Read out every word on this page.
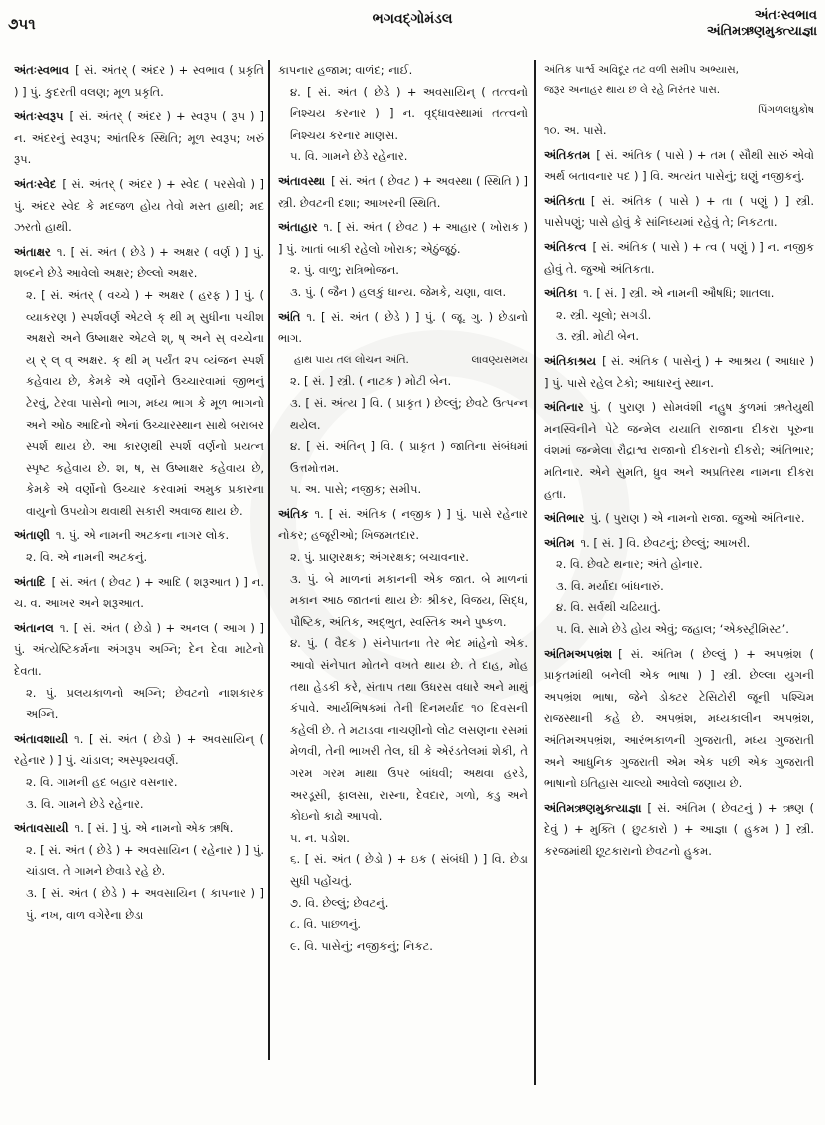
૭૫૧	ભગવદ્ગોમંડલ	અંતઃસ્વભાવ
અંતિમઋણમુક્ત્યાજ્ઞા
અંતઃસ્વભાવ [ સં. અંતર્ ( અંદર ) + સ્વભાવ ( પ્રકૃતિ ) ] પું. કુદરતી વલણ; મૂળ પ્રકૃતિ.
અંતઃસ્વરૂપ [ સં. અંતર્ ( અંદર ) + સ્વરૂપ ( રૂપ ) ] ન. અંદરનું સ્વરૂપ; આંતરિક સ્થિતિ; મૂળ સ્વરૂપ; ખરું રૂપ.
અંતઃસ્વેદ [ સં. અંતર્ ( અંદર ) + સ્વેદ ( પરસેવો ) ] પું. અંદર સ્વેદ કે મદજળ હોય તેવો મસ્ત હાથી; મદ ઝરતો હાથી.
અંતાક્ષર ૧. [ સં. અંત ( છેડે ) + અક્ષર ( વર્ણ ) ] પું. શબ્દને છેડે આવેલો અક્ષર; છેલ્લો અક્ષર.

૨. [ સં. અંતર્ ( વચ્ચે ) + અક્ષર ( હરફ ) ] પું. ( વ્યાકરણ ) સ્પર્શવર્ણ એટલે ક્ થી મ્ સુધીના પચીશ અક્ષરો અને ઉષ્માક્ષર એટલે શ્, ષ્ અને સ્ વચ્ચેના ય્ ર્ લ્ વ્ અક્ષર. ક્ થી મ્ પર્યંત ૨૫ વ્યંજન સ્પર્શ કહેવાય છે, કેમકે એ વર્ણોને ઉચ્ચારવામાં જીભનું ટેરવું, ટેરવા પાસેનો ભાગ, મધ્ય ભાગ કે મૂળ ભાગનો અને ઓઠ આદિનો એનાં ઉચ્ચારસ્થાન સાથે બરાબર સ્પર્શ થાય છે. આ કારણથી સ્પર્શ વર્ણનો પ્રયત્ન સ્પૃષ્ટ કહેવાય છે. શ, ષ, સ ઉષ્માક્ષર કહેવાય છે, કેમકે એ વર્ણોનો ઉચ્ચાર કરવામાં અમુક પ્રકારના વાયુનો ઉપયોગ થવાથી સકારી અવાજ થાય છે.

અંતાણી ૧. પું. એ નામની અટકના નાગર લોક.

૨. વિ. એ નામની અટકનું.

અંતાદિ [ સં. અંત ( છેવટ ) + આદિ ( શરૂઆત ) ] ન. ચ. વ. આખર અને શરૂઆત.
અંતાનલ ૧. [ સં. અંત ( છેડો ) + અનલ ( આગ ) ] પું. અંત્યેષ્ટિકર્મના અંગરૂપ અગ્નિ; દેન દેવા માટેનો દેવતા.

૨. પું. પ્રલયકાળનો અગ્નિ; છેવટનો નાશકારક અગ્નિ.

અંતાવશાયી ૧. [ સં. અંત ( છેડો ) + અવસાયિન્ ( રહેનાર ) ] પું. ચાંડાલ; અસ્પૃશ્યવર્ણ.

૨. વિ. ગામની હદ બહાર વસનાર.

૩. વિ. ગામને છેડે રહેનાર.

અંતાવસાયી ૧. [ સં. ] પું. એ નામનો એક ઋષિ.

૨. [ સં. અંત ( છેડે ) + અવસાયિન ( રહેનાર ) ] પું. ચાંડાલ. તે ગામને છેવાડે રહે છે.

૩. [ સં. અંત ( છેડે ) + અવસાયિન ( કાપનાર ) ] પું. નખ, વાળ વગેરેના છેડા

કાપનાર હજામ; વાળંદ; નાઈ.

૪. [ સં. અંત ( છેડે ) + અવસાયિન્ ( તત્ત્વનો નિશ્ચય કરનાર ) ] ન. વૃદ્ધાવસ્થામાં તત્ત્વનો નિશ્ચય કરનાર માણસ.

૫. વિ. ગામને છેડે રહેનાર.

અંતાવસ્થા [ સં. અંત ( છેવટ ) + અવસ્થા ( સ્થિતિ ) ] સ્ત્રી. છેવટની દશા; આખરની સ્થિતિ.
અંતાહાર ૧. [ સં. અંત ( છેવટ ) + આહાર ( ખોરાક ) ] પું. ખાતાં બાકી રહેલો ખોરાક; એઠુંજૂઠું.

૨. પું. વાળુ; રાત્રિભોજન.

૩. પું. ( જૈન ) હલકું ધાન્ય. જેમકે, ચણા, વાલ.

અંતિ ૧. [ સં. અંત ( છેડે ) ] પું. ( જૂ. ગુ. ) છેડાનો ભાગ.
હાથ પાય તલ લોચન અંતિ.	લાવણ્યસમય

૨. [ સં. ] સ્ત્રી. ( નાટક ) મોટી બેન.

૩. [ સં. અંત્ય ] વિ. ( પ્રાકૃત ) છેલ્લું; છેવટે ઉત્પન્ન થયેલ.

૪. [ સં. અંતિન્ ] વિ. ( પ્રાકૃત ) જાતિના સંબંધમાં ઉત્તમોત્તમ.

૫. અ. પાસે; નજીક; સમીપ.

અંતિક ૧. [ સં. અંતિક ( નજીક ) ] પું. પાસે રહેનાર નોકર; હજૂરીઓ; ખિજમતદાર.

૨. પું. પ્રાણરક્ષક; અંગરક્ષક; બચાવનાર.

૩. પું. બે માળનાં મકાનની એક જાત. બે માળનાં મકાન આઠ જાતનાં થાય છેઃ શ્રીકર, વિજય, સિદ્ધ, પૌષ્ટિક, અંતિક, અદ્ભુત, સ્વસ્તિક અને પુષ્કળ.

૪. પું. ( વૈદક ) સંનેપાતના તેર ભેદ માંહેનો એક. આવો સંનેપાત મોતને વખતે થાય છે. તે દાહ, મોહ તથા હેડકી કરે, સંતાપ તથા ઉધરસ વધારે અને માથું કંપાવે. આર્યભિષક્માં તેની દિનમર્યાદ ૧૦ દિવસની કહેલી છે. તે મટાડવા નાચણીનો લોટ લસણના રસમાં મેળવી, તેની ભાખરી તેલ, ઘી કે એરંડતેલમાં શેકી, તે ગરમ ગરમ માથા ઉપર બાંધવી; અથવા હરડે, અરડૂસી, ફાલસા, રાસ્ના, દેવદાર, ગળો, કડુ અને કોઇનો કાઢો આપવો.

૫. ન. પડોશ.

૬. [ સં. અંત ( છેડો ) + ઇક ( સંબંધી ) ] વિ. છેડા સુધી પહોંચતું.

૭. વિ. છેલ્લું; છેવટનું.

૮. વિ. પાછળનું.

૯. વિ. પાસેનું; નજીકનું; નિકટ.

અંતિક પાર્શ્વ અવિદૂર તટ વળી સમીપ અભ્યાસ,
જરૂર અનાહર થાય છ લે રહે નિરંતર પાસ.
પિંગળલઘુકોષ
૧૦. અ. પાસે.
અંતિકતમ [ સં. અંતિક ( પાસે ) + તમ ( સૌથી સારું એવો અર્થ બતાવનાર પદ ) ] વિ. અત્યંત પાસેનું; ઘણું નજીકનું.
અંતિકતા [ સં. અંતિક ( પાસે ) + તા ( પણું ) ] સ્ત્રી. પાસેપણું; પાસે હોવું કે સાંનિધ્યમાં રહેવું તે; નિકટતા.
અંતિકત્વ [ સં. અંતિક ( પાસે ) + ત્વ ( પણું ) ] ન. નજીક હોવું તે. જુઓ અંતિકતા.
અંતિકા ૧. [ સં. ] સ્ત્રી. એ નામની ઔષધિ; શાતલા.

૨. સ્ત્રી. ચૂલો; સગડી.

૩. સ્ત્રી. મોટી બેન.

અંતિકાશ્રય [ સં. અંતિક ( પાસેનું ) + આશ્રય ( આધાર ) ] પું. પાસે રહેલ ટેકો; આધારનું સ્થાન.
અંતિનાર પું. ( પુરાણ ) સોમવંશી નહુષ કુળમાં ઋતેયુથી મનસ્વિનીને પેટે જન્મેલ યયાતિ રાજાના દીકરા પૂરુના વંશમાં જન્મેલા રૌદ્રાશ્વ રાજાનો દીકરાનો દીકરો; અંતિભાર; મતિનાર. એને સુમતિ, ધ્રુવ અને અપ્રતિરથ નામના દીકરા હતા.
અંતિભાર પું. ( પુરાણ ) એ નામનો રાજા. જુઓ અંતિનાર.
અંતિમ ૧. [ સં. ] વિ. છેવટનું; છેલ્લું; આખરી.

૨. વિ. છેવટે થનાર; અંતે હોનાર.

૩. વિ. મર્યાદા બાંધનારું.

૪. વિ. સર્વથી ચઢિયાતું.

૫. વિ. સામે છેડે હોય એવું; જહાલ; ‘એક્સ્ટ્રીમિસ્ટ’.

અંતિમઅપભ્રંશ [ સં. અંતિમ ( છેલ્લું ) + અપભ્રંશ ( પ્રાકૃતમાંથી બનેલી એક ભાષા ) ] સ્ત્રી. છેલ્લા યુગની અપભ્રંશ ભાષા, જેને ડોક્ટર ટેસિટોરી જૂની પશ્ચિમ રાજસ્થાની કહે છે. અપભ્રંશ, મધ્યકાલીન અપભ્રંશ, અંતિમઅપભ્રંશ, આરંભકાળની ગુજરાતી, મધ્ય ગુજરાતી અને આધુનિક ગુજરાતી એમ એક પછી એક ગુજરાતી ભાષાનો ઇતિહાસ ચાલ્યો આવેલો જણાય છે.
અંતિમઋણમુક્ત્યાજ્ઞા [ સં. અંતિમ ( છેવટનું ) + ઋણ ( દેવું ) + મુક્તિ ( છુટકારો ) + આજ્ઞા ( હુકમ ) ] સ્ત્રી. કરજમાંથી છૂટકારાનો છેવટનો હુકમ.
